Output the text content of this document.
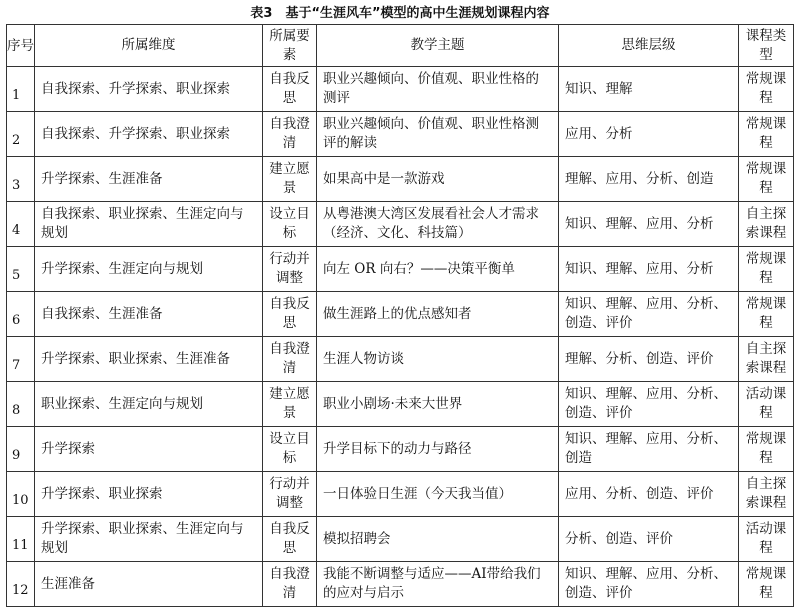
表3　基于“生涯风车”模型的高中生涯规划课程内容
序号	所属维度	所属要素	教学主题	思维层级	课程类型
1	自我探索、升学探索、职业探索	自我反思	职业兴趣倾向、价值观、职业性格的测评	知识、理解	常规课程
2	自我探索、升学探索、职业探索	自我澄清	职业兴趣倾向、价值观、职业性格测评的解读	应用、分析	常规课程
3	升学探索、生涯准备	建立愿景	如果高中是一款游戏	理解、应用、分析、创造	常规课程
4	自我探索、职业探索、生涯定向与规划	设立目标	从粤港澳大湾区发展看社会人才需求（经济、文化、科技篇）	知识、理解、应用、分析	自主探索课程
5	升学探索、生涯定向与规划	行动并调整	向左 OR 向右？——决策平衡单	知识、理解、应用、分析	常规课程
6	自我探索、生涯准备	自我反思	做生涯路上的优点感知者	知识、理解、应用、分析、创造、评价	常规课程
7	升学探索、职业探索、生涯准备	自我澄清	生涯人物访谈	理解、分析、创造、评价	自主探索课程
8	职业探索、生涯定向与规划	建立愿景	职业小剧场·未来大世界	知识、理解、应用、分析、创造、评价	活动课程
9	升学探索	设立目标	升学目标下的动力与路径	知识、理解、应用、分析、创造	常规课程
10	升学探索、职业探索	行动并调整	一日体验日生涯（今天我当值）	应用、分析、创造、评价	自主探索课程
11	升学探索、职业探索、生涯定向与规划	自我反思	模拟招聘会	分析、创造、评价	活动课程
12	生涯准备	自我澄清	我能不断调整与适应——AI带给我们的应对与启示	知识、理解、应用、分析、创造、评价	常规课程
